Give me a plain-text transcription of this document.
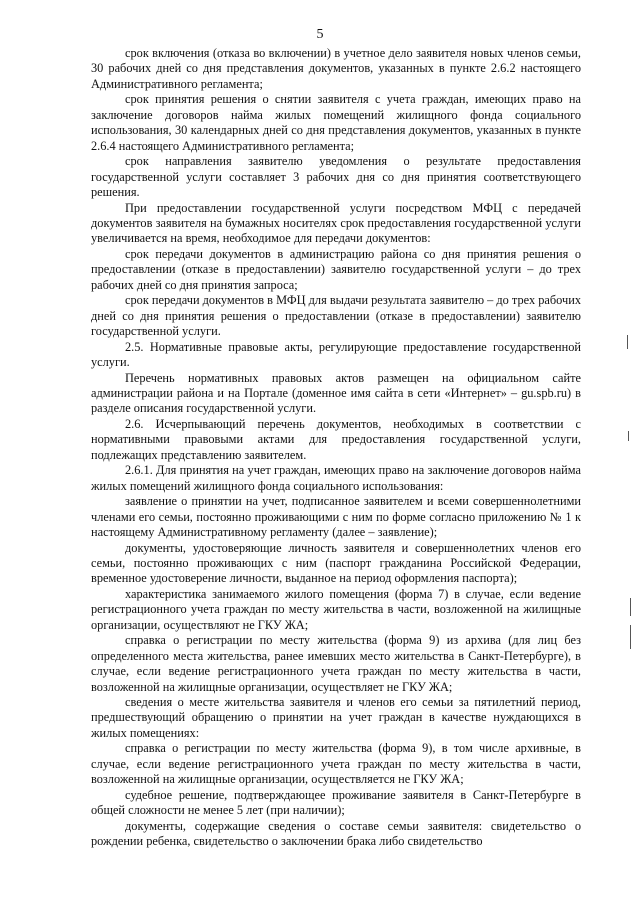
5

срок включения (отказа во включении) в учетное дело заявителя новых членов семьи, 30 рабочих дней со дня представления документов, указанных в пункте 2.6.2 настоящего Административного регламента;

срок принятия решения о снятии заявителя с учета граждан, имеющих право на заключение договоров найма жилых помещений жилищного фонда социального использования, 30 календарных дней со дня представления документов, указанных в пункте 2.6.4 настоящего Административного регламента;

срок направления заявителю уведомления о результате предоставления государственной услуги составляет 3 рабочих дня со дня принятия соответствующего решения.

При предоставлении государственной услуги посредством МФЦ с передачей документов заявителя на бумажных носителях срок предоставления государственной услуги увеличивается на время, необходимое для передачи документов:

срок передачи документов в администрацию района со дня принятия решения о предоставлении (отказе в предоставлении) заявителю государственной услуги – до трех рабочих дней со дня принятия запроса;

срок передачи документов в МФЦ для выдачи результата заявителю – до трех рабочих дней со дня принятия решения о предоставлении (отказе в предоставлении) заявителю государственной услуги.

2.5. Нормативные правовые акты, регулирующие предоставление государственной услуги.

Перечень нормативных правовых актов размещен на официальном сайте администрации района и на Портале (доменное имя сайта в сети «Интернет» – gu.spb.ru) в разделе описания государственной услуги.

2.6. Исчерпывающий перечень документов, необходимых в соответствии с нормативными правовыми актами для предоставления государственной услуги, подлежащих представлению заявителем.

2.6.1. Для принятия на учет граждан, имеющих право на заключение договоров найма жилых помещений жилищного фонда социального использования:

заявление о принятии на учет, подписанное заявителем и всеми совершеннолетними членами его семьи, постоянно проживающими с ним по форме согласно приложению № 1 к настоящему Административному регламенту (далее – заявление);

документы, удостоверяющие личность заявителя и совершеннолетних членов его семьи, постоянно проживающих с ним (паспорт гражданина Российской Федерации, временное удостоверение личности, выданное на период оформления паспорта);

характеристика занимаемого жилого помещения (форма 7) в случае, если ведение регистрационного учета граждан по месту жительства в части, возложенной на жилищные организации, осуществляют не ГКУ ЖА;

справка о регистрации по месту жительства (форма 9) из архива (для лиц без определенного места жительства, ранее имевших место жительства в Санкт-Петербурге), в случае, если ведение регистрационного учета граждан по месту жительства в части, возложенной на жилищные организации, осуществляет не ГКУ ЖА;

сведения о месте жительства заявителя и членов его семьи за пятилетний период, предшествующий обращению о принятии на учет граждан в качестве нуждающихся в жилых помещениях:

справка о регистрации по месту жительства (форма 9), в том числе архивные, в случае, если ведение регистрационного учета граждан по месту жительства в части, возложенной на жилищные организации, осуществляется не ГКУ ЖА;

судебное решение, подтверждающее проживание заявителя в Санкт-Петербурге в общей сложности не менее 5 лет (при наличии);

документы, содержащие сведения о составе семьи заявителя: свидетельство о рождении ребенка, свидетельство о заключении брака либо свидетельство
